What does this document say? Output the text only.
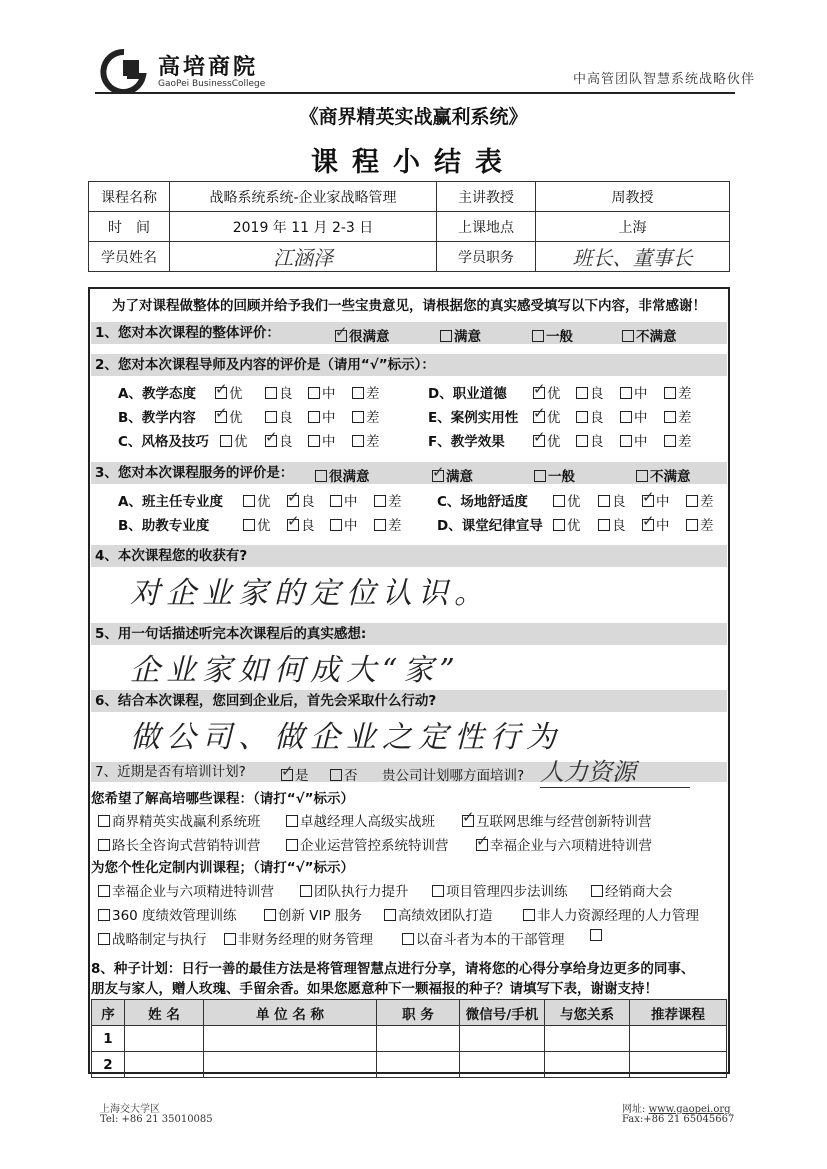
高培商院
GaoPei BusinessCollege	中高管团队智慧系统战略伙伴
《商界精英实战赢利系统》
课程小结表
课程名称	战略系统系统-企业家战略管理	主讲教授	周教授
时　间	2019 年 11 月 2-3 日	上课地点	上海
学员姓名	江涵泽	学员职务	班长、董事长
为了对课程做整体的回顾并给予我们一些宝贵意见，请根据您的真实感受填写以下内容，非常感谢！
1、您对本次课程的整体评价： ✓	很满意	满意	一般	不满意
2、您对本次课程导师及内容的评价是（请用“√”标示）：
A、教学态度 ✓	优	良	中	差
B、教学内容 ✓	优	良	中	差
C、风格及技巧	优 ✓	良	中	差
D、职业道德 ✓	优	良	中	差
E、案例实用性 ✓	优	良	中	差
F、教学效果 ✓	优	良	中	差
3、您对本次课程服务的评价是：	很满意 ✓	满意	一般	不满意
A、班主任专业度	优 ✓	良	中	差
B、助教专业度	优 ✓	良	中	差
C、场地舒适度	优	良 ✓	中	差
D、课堂纪律宣导	优	良 ✓	中	差
4、本次课程您的收获有?
对企业家的定位认识。
5、用一句话描述听完本次课程后的真实感想:
企业家如何成大“家”
6、结合本次课程，您回到企业后，首先会采取什么行动?
做公司、做企业之定性行为
7、近期是否有培训计划? ✓	是	否 贵公司计划哪方面培训? 人力资源
您希望了解高培哪些课程：（请打“√”标示）
商界精英实战赢利系统班	卓越经理人高级实战班 ✓	互联网思维与经营创新特训营
路长全咨询式营销特训营	企业运营管控系统特训营 ✓	幸福企业与六项精进特训营
为您个性化定制内训课程；（请打“√”标示）
幸福企业与六项精进特训营	团队执行力提升	项目管理四步法训练	经销商大会
360 度绩效管理训练	创新 VIP 服务	高绩效团队打造	非人力资源经理的人力管理
战略制定与执行	非财务经理的财务管理	以奋斗者为本的干部管理
8、种子计划：日行一善的最佳方法是将管理智慧点进行分享，请将您的心得分享给身边更多的同事、
朋友与家人，赠人玫瑰、手留余香。如果您愿意种下一颗福报的种子？请填写下表，谢谢支持！
序	姓 名	单 位 名 称	职 务	微信号/手机	与您关系	推荐课程
1						
2						
上海交大学区
Tel: +86 21 35010085
网址: www.gaopei.org
Fax:+86 21 65045667
